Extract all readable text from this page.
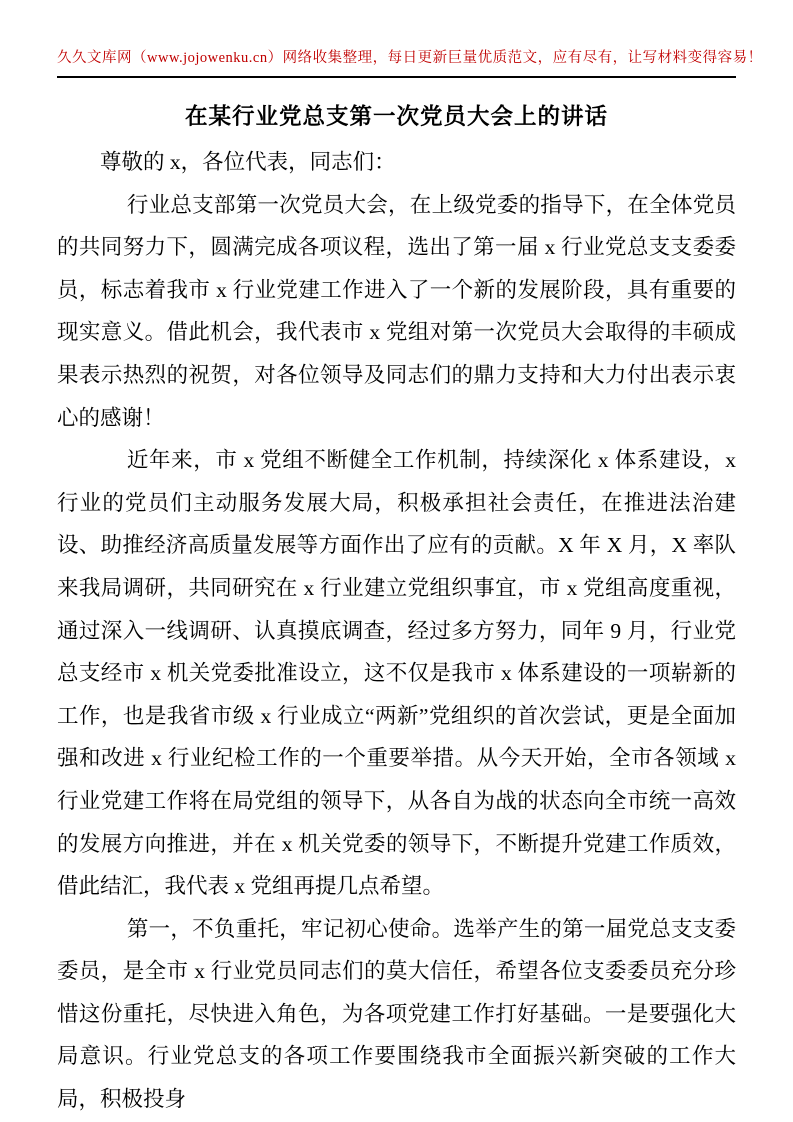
久久文库网（www.jojowenku.cn）网络收集整理，每日更新巨量优质范文，应有尽有，让写材料变得容易！
在某行业党总支第一次党员大会上的讲话

尊敬的 x，各位代表，同志们：

行业总支部第一次党员大会，在上级党委的指导下，在全体党员的共同努力下，圆满完成各项议程，选出了第一届 x 行业党总支支委委员，标志着我市 x 行业党建工作进入了一个新的发展阶段，具有重要的现实意义。借此机会，我代表市 x 党组对第一次党员大会取得的丰硕成果表示热烈的祝贺，对各位领导及同志们的鼎力支持和大力付出表示衷心的感谢！

近年来，市 x 党组不断健全工作机制，持续深化 x 体系建设，x 行业的党员们主动服务发展大局，积极承担社会责任，在推进法治建设、助推经济高质量发展等方面作出了应有的贡献。X 年 X 月，X 率队来我局调研，共同研究在 x 行业建立党组织事宜，市 x 党组高度重视，通过深入一线调研、认真摸底调查，经过多方努力，同年 9 月，行业党总支经市 x 机关党委批准设立，这不仅是我市 x 体系建设的一项崭新的工作，也是我省市级 x 行业成立“两新”党组织的首次尝试，更是全面加强和改进 x 行业纪检工作的一个重要举措。从今天开始，全市各领域 x 行业党建工作将在局党组的领导下，从各自为战的状态向全市统一高效的发展方向推进，并在 x 机关党委的领导下，不断提升党建工作质效，借此结汇，我代表 x 党组再提几点希望。

第一，不负重托，牢记初心使命。选举产生的第一届党总支支委委员，是全市 x 行业党员同志们的莫大信任，希望各位支委委员充分珍惜这份重托，尽快进入角色，为各项党建工作打好基础。一是要强化大局意识。行业党总支的各项工作要围绕我市全面振兴新突破的工作大局，积极投身
